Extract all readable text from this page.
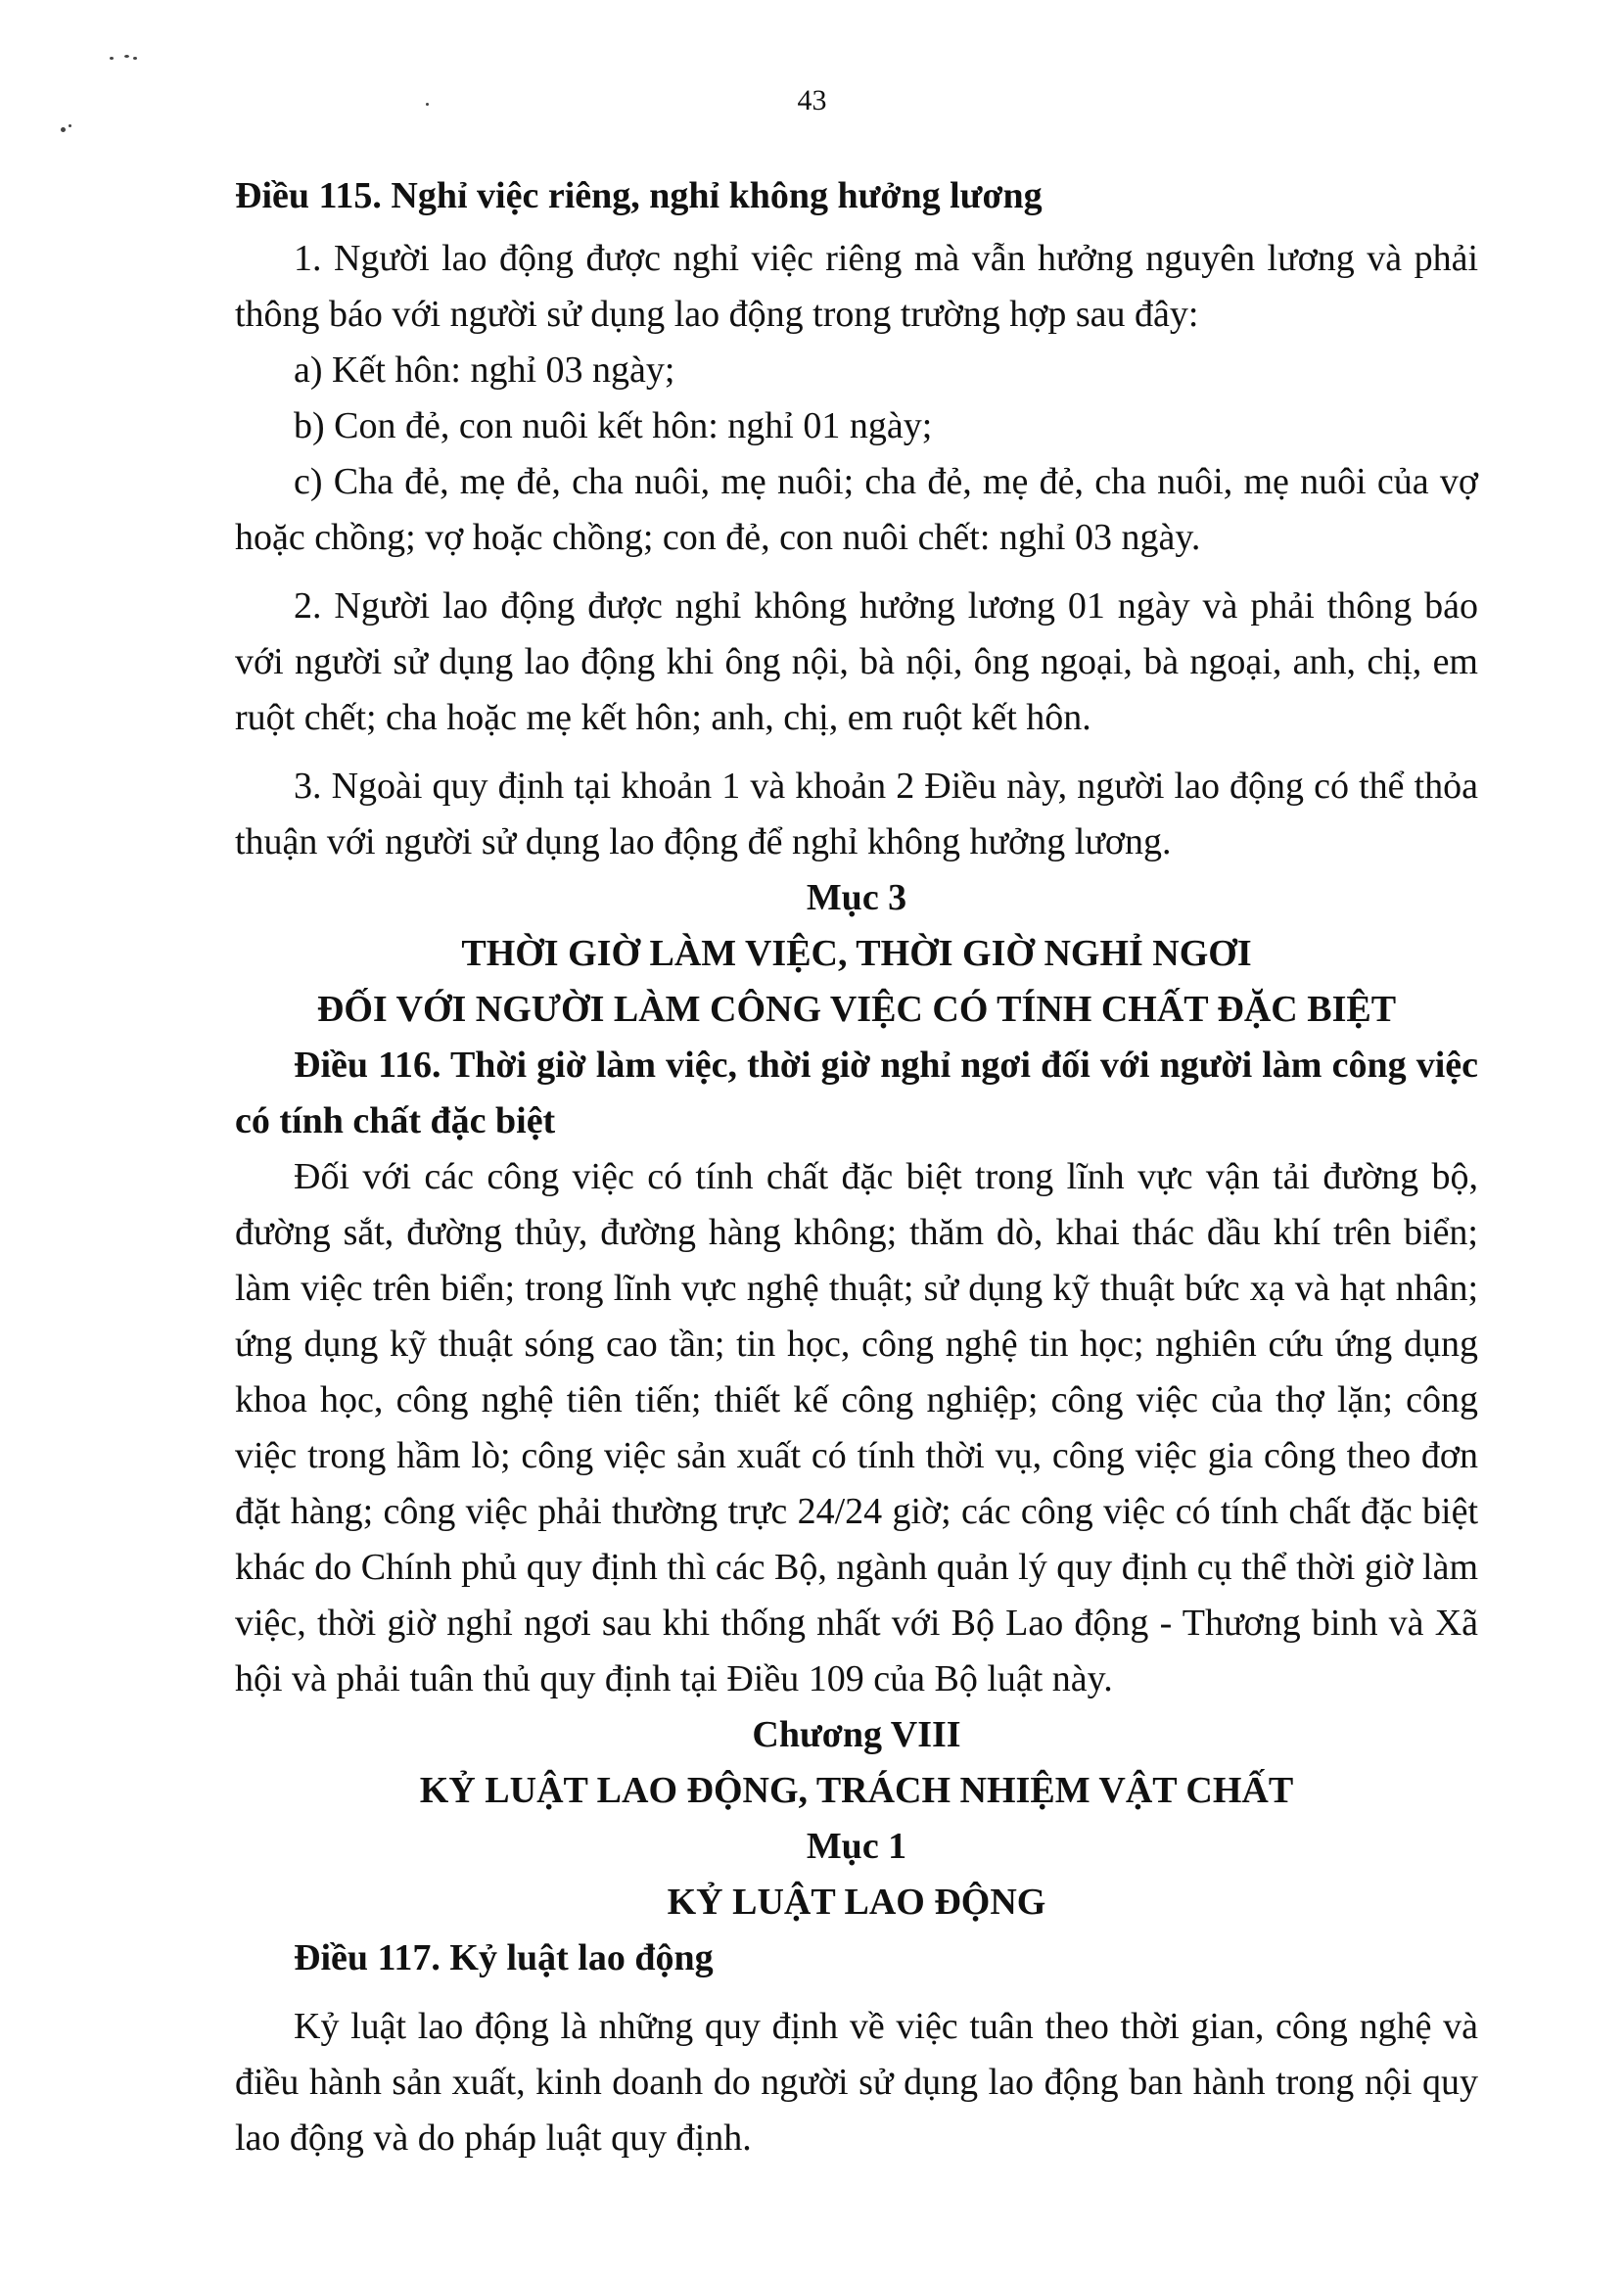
43

Điều 115. Nghỉ việc riêng, nghỉ không hưởng lương

1. Người lao động được nghỉ việc riêng mà vẫn hưởng nguyên lương và phải thông báo với người sử dụng lao động trong trường hợp sau đây:

a) Kết hôn: nghỉ 03 ngày;

b) Con đẻ, con nuôi kết hôn: nghỉ 01 ngày;

c) Cha đẻ, mẹ đẻ, cha nuôi, mẹ nuôi; cha đẻ, mẹ đẻ, cha nuôi, mẹ nuôi của vợ hoặc chồng; vợ hoặc chồng; con đẻ, con nuôi chết: nghỉ 03 ngày.

2. Người lao động được nghỉ không hưởng lương 01 ngày và phải thông báo với người sử dụng lao động khi ông nội, bà nội, ông ngoại, bà ngoại, anh, chị, em ruột chết; cha hoặc mẹ kết hôn; anh, chị, em ruột kết hôn.

3. Ngoài quy định tại khoản 1 và khoản 2 Điều này, người lao động có thể thỏa thuận với người sử dụng lao động để nghỉ không hưởng lương.

Mục 3

THỜI GIỜ LÀM VIỆC, THỜI GIỜ NGHỈ NGƠI

ĐỐI VỚI NGƯỜI LÀM CÔNG VIỆC CÓ TÍNH CHẤT ĐẶC BIỆT

Điều 116. Thời giờ làm việc, thời giờ nghỉ ngơi đối với người làm công việc có tính chất đặc biệt

Đối với các công việc có tính chất đặc biệt trong lĩnh vực vận tải đường bộ, đường sắt, đường thủy, đường hàng không; thăm dò, khai thác dầu khí trên biển; làm việc trên biển; trong lĩnh vực nghệ thuật; sử dụng kỹ thuật bức xạ và hạt nhân; ứng dụng kỹ thuật sóng cao tần; tin học, công nghệ tin học; nghiên cứu ứng dụng khoa học, công nghệ tiên tiến; thiết kế công nghiệp; công việc của thợ lặn; công việc trong hầm lò; công việc sản xuất có tính thời vụ, công việc gia công theo đơn đặt hàng; công việc phải thường trực 24/24 giờ; các công việc có tính chất đặc biệt khác do Chính phủ quy định thì các Bộ, ngành quản lý quy định cụ thể thời giờ làm việc, thời giờ nghỉ ngơi sau khi thống nhất với Bộ Lao động - Thương binh và Xã hội và phải tuân thủ quy định tại Điều 109 của Bộ luật này.

Chương VIII

KỶ LUẬT LAO ĐỘNG, TRÁCH NHIỆM VẬT CHẤT

Mục 1

KỶ LUẬT LAO ĐỘNG

Điều 117. Kỷ luật lao động

Kỷ luật lao động là những quy định về việc tuân theo thời gian, công nghệ và điều hành sản xuất, kinh doanh do người sử dụng lao động ban hành trong nội quy lao động và do pháp luật quy định.
